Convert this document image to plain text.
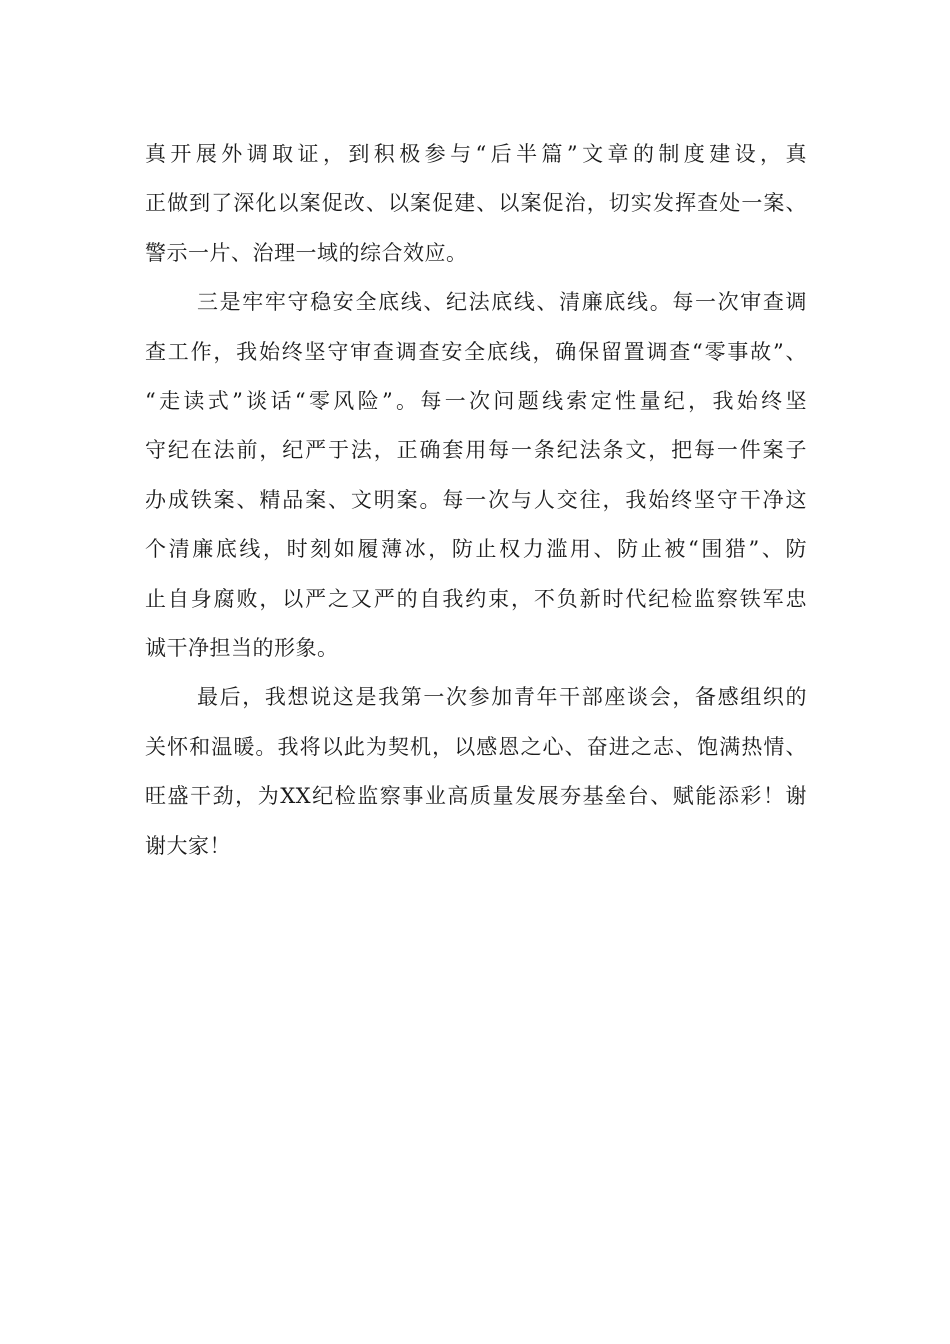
真开展外调取证，到积极参与“后半篇”文章的制度建设，真
正做到了深化以案促改、以案促建、以案促治，切实发挥查处一案、
警示一片、治理一域的综合效应。
三是牢牢守稳安全底线、纪法底线、清廉底线。每一次审查调
查工作，我始终坚守审查调查安全底线，确保留置调查“零事故”、
“走读式”谈话“零风险”。每一次问题线索定性量纪，我始终坚
守纪在法前，纪严于法，正确套用每一条纪法条文，把每一件案子
办成铁案、精品案、文明案。每一次与人交往，我始终坚守干净这
个清廉底线，时刻如履薄冰，防止权力滥用、防止被“围猎”、防
止自身腐败，以严之又严的自我约束，不负新时代纪检监察铁军忠
诚干净担当的形象。
最后，我想说这是我第一次参加青年干部座谈会，备感组织的
关怀和温暖。我将以此为契机，以感恩之心、奋进之志、饱满热情、
旺盛干劲，为XX纪检监察事业高质量发展夯基垒台、赋能添彩！谢
谢大家！
